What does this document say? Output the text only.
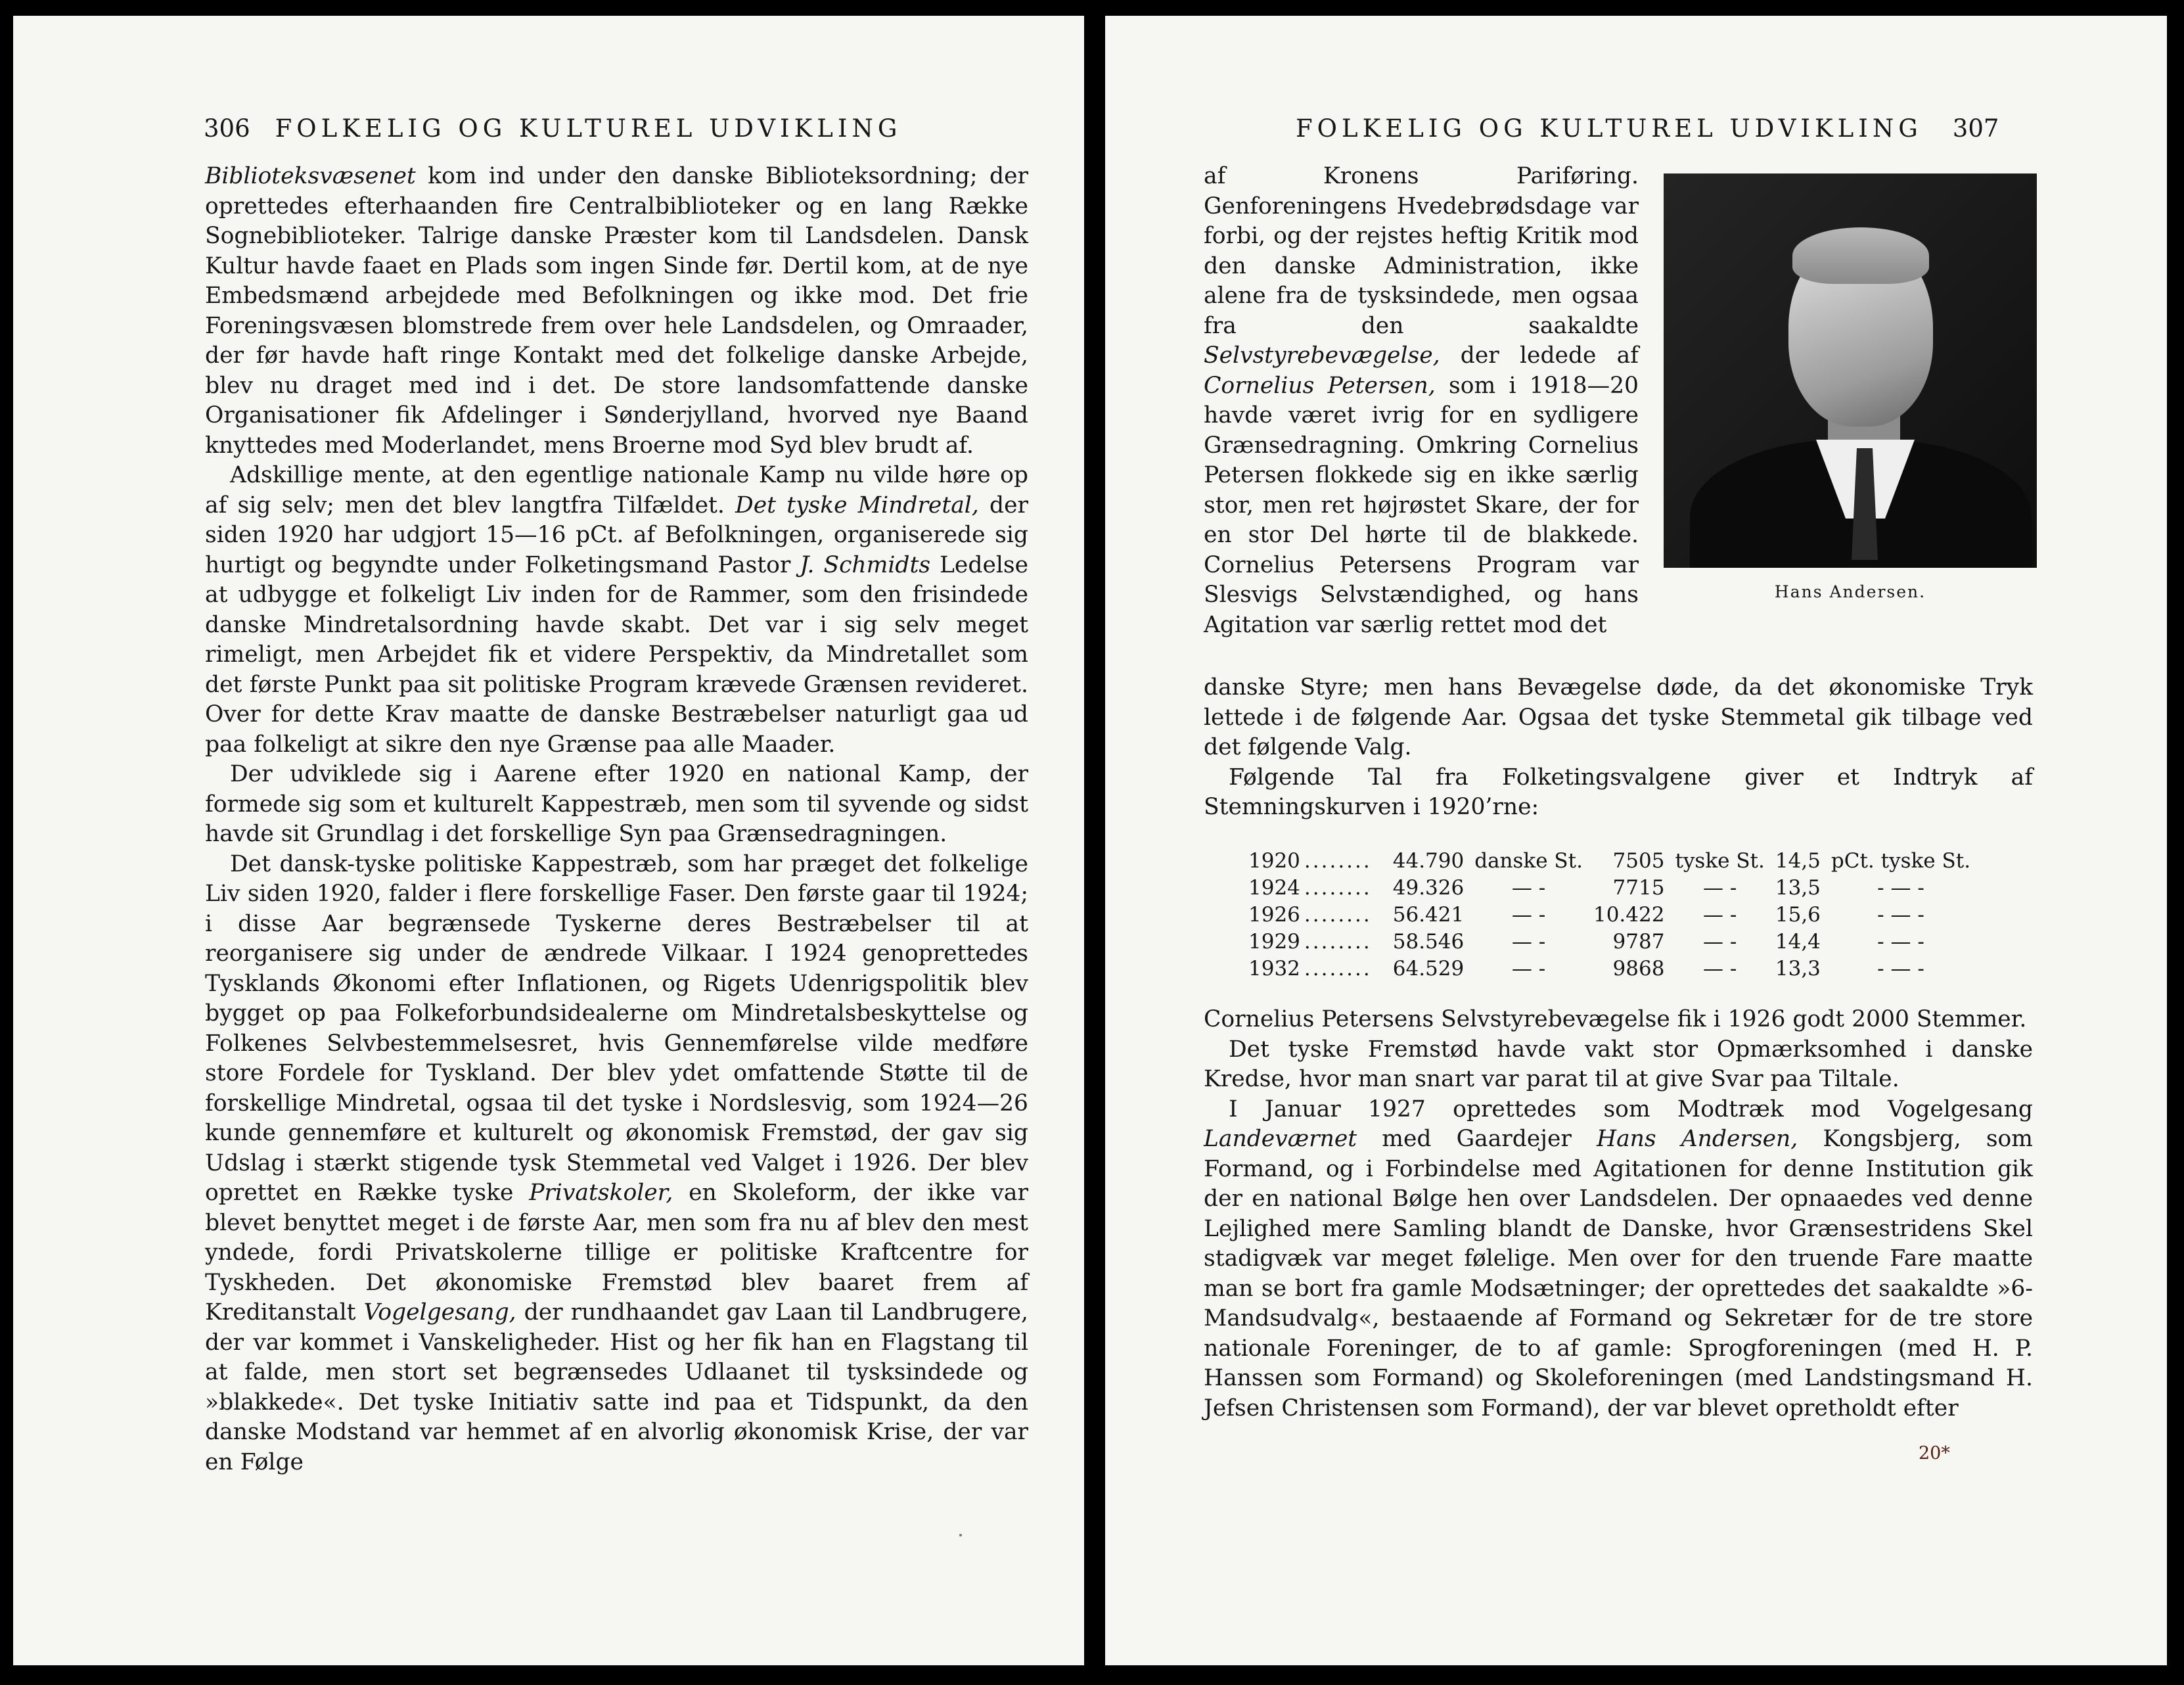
306 FOLKELIG OG KULTUREL UDVIKLING

Biblioteksvæsenet kom ind under den danske Biblioteksordning; der oprettedes efterhaanden fire Centralbiblioteker og en lang Række Sognebiblioteker. Talrige danske Præster kom til Landsdelen. Dansk Kultur havde faaet en Plads som ingen Sinde før. Dertil kom, at de nye Embedsmænd arbejdede med Befolkningen og ikke mod. Det frie Foreningsvæsen blomstrede frem over hele Landsdelen, og Omraader, der før havde haft ringe Kontakt med det folkelige danske Arbejde, blev nu draget med ind i det. De store landsomfattende danske Organisationer fik Afdelinger i Sønderjylland, hvorved nye Baand knyttedes med Moderlandet, mens Broerne mod Syd blev brudt af.

Adskillige mente, at den egentlige nationale Kamp nu vilde høre op af sig selv; men det blev langtfra Tilfældet. Det tyske Mindretal, der siden 1920 har udgjort 15—16 pCt. af Befolkningen, organiserede sig hurtigt og begyndte under Folketingsmand Pastor J. Schmidts Ledelse at udbygge et folkeligt Liv inden for de Rammer, som den frisindede danske Mindretalsordning havde skabt. Det var i sig selv meget rimeligt, men Arbejdet fik et videre Perspektiv, da Mindretallet som det første Punkt paa sit politiske Program krævede Grænsen revideret. Over for dette Krav maatte de danske Bestræbelser naturligt gaa ud paa folkeligt at sikre den nye Grænse paa alle Maader.

Der udviklede sig i Aarene efter 1920 en national Kamp, der formede sig som et kulturelt Kappestræb, men som til syvende og sidst havde sit Grundlag i det forskellige Syn paa Grænsedragningen.

Det dansk-tyske politiske Kappestræb, som har præget det folkelige Liv siden 1920, falder i flere forskellige Faser. Den første gaar til 1924; i disse Aar begrænsede Tyskerne deres Bestræbelser til at reorganisere sig under de ændrede Vilkaar. I 1924 genoprettedes Tysklands Økonomi efter Inflationen, og Rigets Udenrigspolitik blev bygget op paa Folkeforbundsidealerne om Mindretalsbeskyttelse og Folkenes Selvbestemmelsesret, hvis Gennemførelse vilde medføre store Fordele for Tyskland. Der blev ydet omfattende Støtte til de forskellige Mindretal, ogsaa til det tyske i Nordslesvig, som 1924—26 kunde gennemføre et kulturelt og økonomisk Fremstød, der gav sig Udslag i stærkt stigende tysk Stemmetal ved Valget i 1926. Der blev oprettet en Række tyske Privatskoler, en Skoleform, der ikke var blevet benyttet meget i de første Aar, men som fra nu af blev den mest yndede, fordi Privatskolerne tillige er politiske Kraftcentre for Tyskheden. Det økonomiske Fremstød blev baaret frem af Kreditanstalt Vogelgesang, der rundhaandet gav Laan til Landbrugere, der var kommet i Vanskeligheder. Hist og her fik han en Flagstang til at falde, men stort set begrænsedes Udlaanet til tysksindede og »blakkede«. Det tyske Initiativ satte ind paa et Tidspunkt, da den danske Modstand var hemmet af en alvorlig økonomisk Krise, der var en Følge

FOLKELIG OG KULTUREL UDVIKLING 307

af Kronens Pariføring. Genforeningens Hvedebrødsdage var forbi, og der rejstes heftig Kritik mod den danske Administration, ikke alene fra de tysksindede, men ogsaa fra den saakaldte Selvstyrebevægelse, der ledede af Cornelius Petersen, som i 1918—20 havde været ivrig for en sydligere Grænsedragning. Omkring Cornelius Petersen flokkede sig en ikke særlig stor, men ret højrøstet Skare, der for en stor Del hørte til de blakkede. Cornelius Petersens Program var Slesvigs Selvstændighed, og hans Agitation var særlig rettet mod det

Hans Andersen.

danske Styre; men hans Bevægelse døde, da det økonomiske Tryk lettede i de følgende Aar. Ogsaa det tyske Stemmetal gik tilbage ved det følgende Valg.

Følgende Tal fra Folketingsvalgene giver et Indtryk af Stemningskurven i 1920’rne:

1920	........	44.790	danske St.	7505	tyske St.	14,5	pCt. tyske St.
1924	........	49.326	— -	7715	— -	13,5	- — -
1926	........	56.421	— -	10.422	— -	15,6	- — -
1929	........	58.546	— -	9787	— -	14,4	- — -
1932	........	64.529	— -	9868	— -	13,3	- — -

Cornelius Petersens Selvstyrebevægelse fik i 1926 godt 2000 Stemmer.

Det tyske Fremstød havde vakt stor Opmærksomhed i danske Kredse, hvor man snart var parat til at give Svar paa Tiltale.

I Januar 1927 oprettedes som Modtræk mod Vogelgesang Landeværnet med Gaardejer Hans Andersen, Kongsbjerg, som Formand, og i Forbindelse med Agitationen for denne Institution gik der en national Bølge hen over Landsdelen. Der opnaaedes ved denne Lejlighed mere Samling blandt de Danske, hvor Grænsestridens Skel stadigvæk var meget følelige. Men over for den truende Fare maatte man se bort fra gamle Modsætninger; der oprettedes det saakaldte »6-Mandsudvalg«, bestaaende af Formand og Sekretær for de tre store nationale Foreninger, de to af gamle: Sprogforeningen (med H. P. Hanssen som Formand) og Skoleforeningen (med Landstingsmand H. Jefsen Christensen som Formand), der var blevet opretholdt efter

20*
